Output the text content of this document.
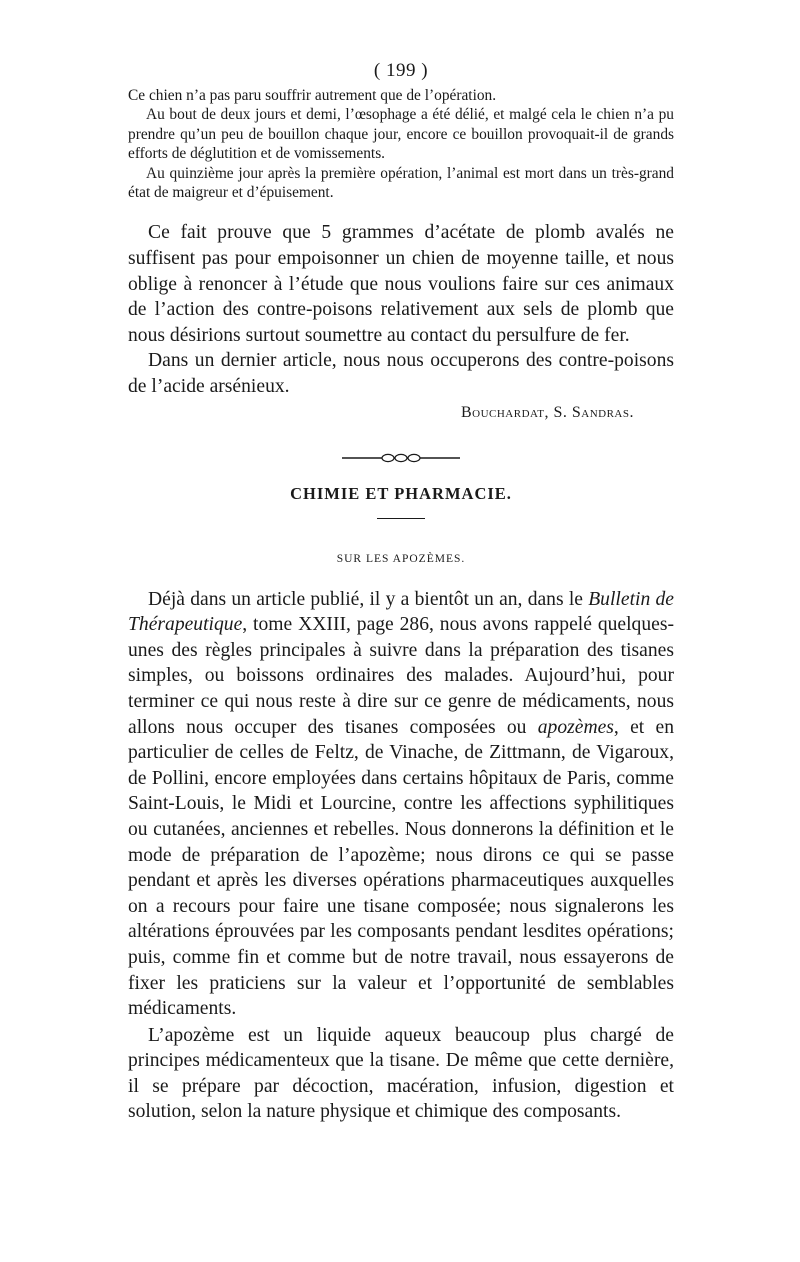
( 199 )

Ce chien n’a pas paru souffrir autrement que de l’opération.

Au bout de deux jours et demi, l’œsophage a été délié, et malgé cela le chien n’a pu prendre qu’un peu de bouillon chaque jour, encore ce bouillon provoquait-il de grands efforts de déglutition et de vomissements.

Au quinzième jour après la première opération, l’animal est mort dans un très-grand état de maigreur et d’épuisement.

Ce fait prouve que 5 grammes d’acétate de plomb avalés ne suffisent pas pour empoisonner un chien de moyenne taille, et nous oblige à renoncer à l’étude que nous voulions faire sur ces animaux de l’action des contre-poisons relativement aux sels de plomb que nous désirions surtout soumettre au contact du persulfure de fer.

Dans un dernier article, nous nous occuperons des contre-poisons de l’acide arsénieux.

Bouchardat, S. Sandras.
CHIMIE ET PHARMACIE.
SUR LES APOZÈMES.

Déjà dans un article publié, il y a bientôt un an, dans le Bulletin de Thérapeutique, tome XXIII, page 286, nous avons rappelé quelques-unes des règles principales à suivre dans la préparation des tisanes simples, ou boissons ordinaires des malades. Aujourd’hui, pour terminer ce qui nous reste à dire sur ce genre de médicaments, nous allons nous occuper des tisanes composées ou apozèmes, et en particulier de celles de Feltz, de Vinache, de Zittmann, de Vigaroux, de Pollini, encore employées dans certains hôpitaux de Paris, comme Saint-Louis, le Midi et Lourcine, contre les affections syphilitiques ou cutanées, anciennes et rebelles. Nous donnerons la définition et le mode de préparation de l’apozème; nous dirons ce qui se passe pendant et après les diverses opérations pharmaceutiques auxquelles on a recours pour faire une tisane composée; nous signalerons les altérations éprouvées par les composants pendant lesdites opérations; puis, comme fin et comme but de notre travail, nous essayerons de fixer les praticiens sur la valeur et l’opportunité de semblables médicaments.

L’apozème est un liquide aqueux beaucoup plus chargé de principes médicamenteux que la tisane. De même que cette dernière, il se prépare par décoction, macération, infusion, digestion et solution, selon la nature physique et chimique des composants.
